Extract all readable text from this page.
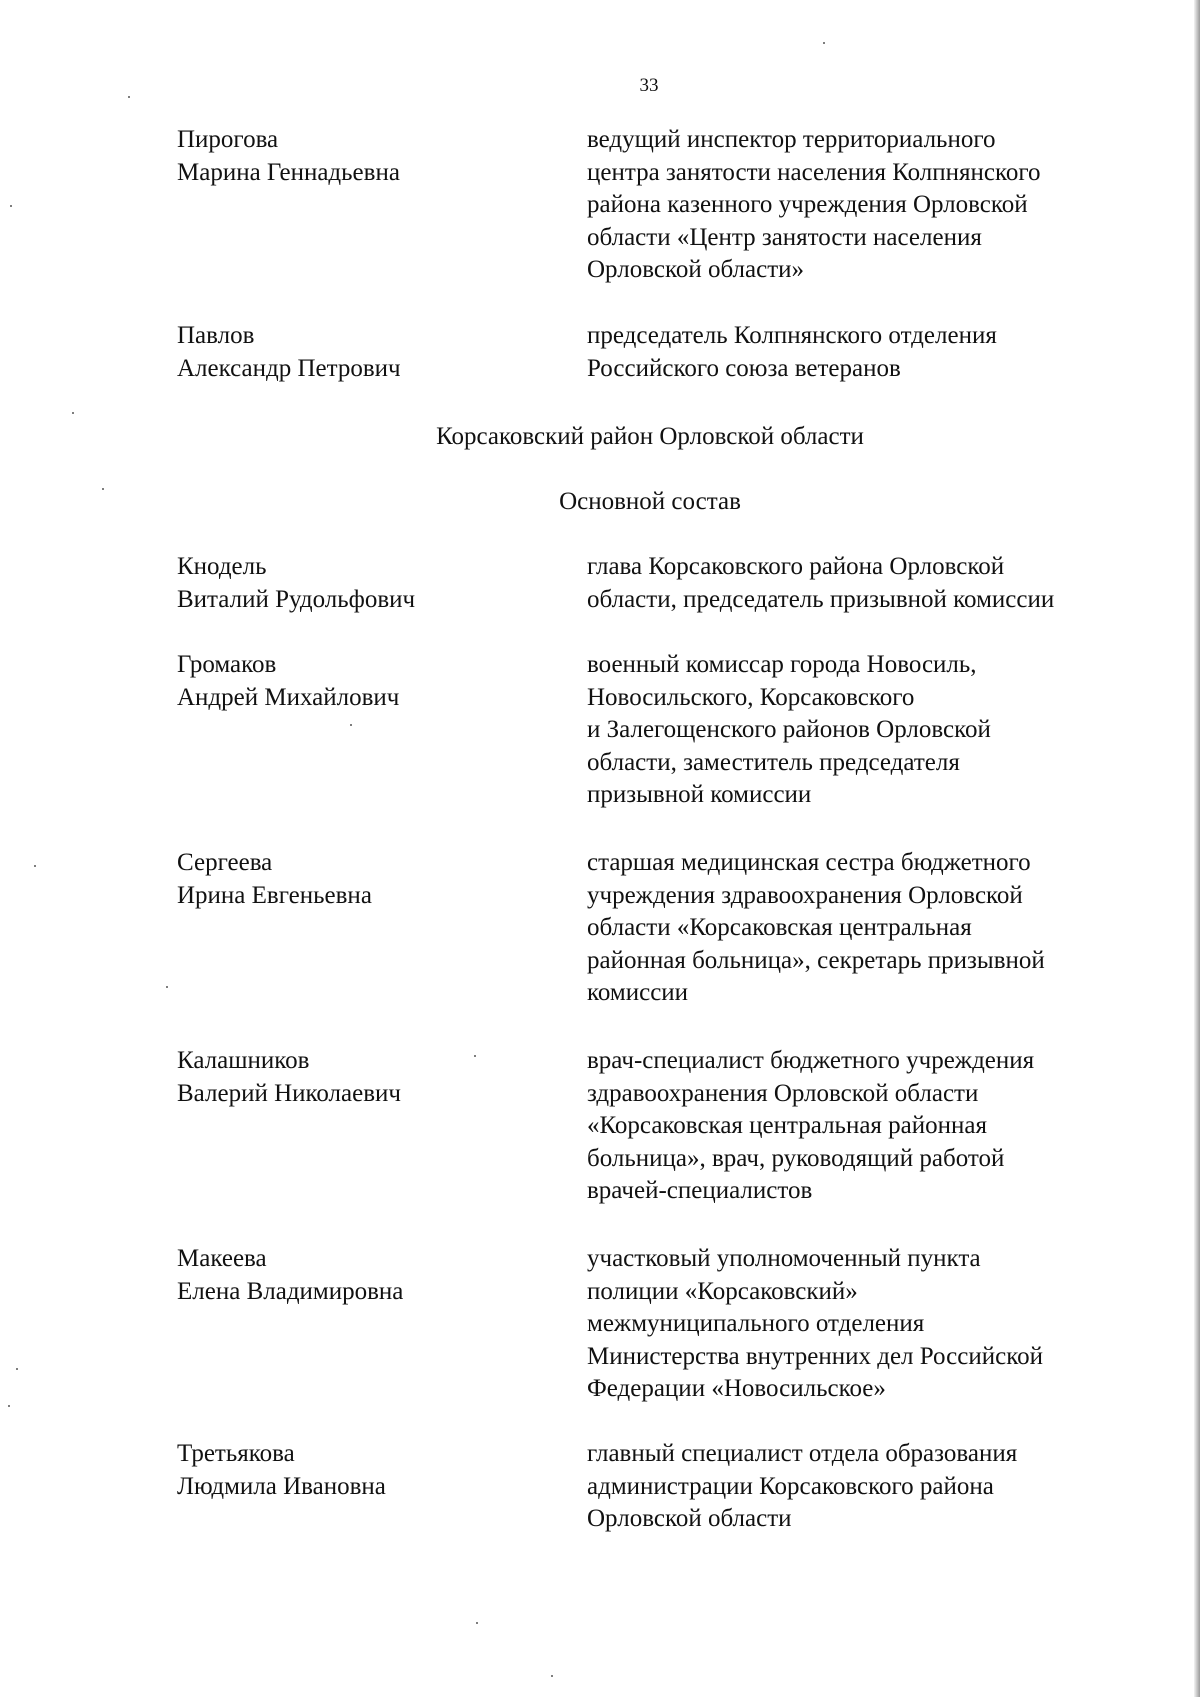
33
Пирогова
Марина Геннадьевна
ведущий инспектор территориального
центра занятости населения Колпнянского
района казенного учреждения Орловской
области «Центр занятости населения
Орловской области»
Павлов
Александр Петрович
председатель Колпнянского отделения
Российского союза ветеранов
Корсаковский район Орловской области
Основной состав
Кнодель
Виталий Рудольфович
глава Корсаковского района Орловской
области, председатель призывной комиссии
Громаков
Андрей Михайлович
военный комиссар города Новосиль,
Новосильского, Корсаковского
и Залегощенского районов Орловской
области, заместитель председателя
призывной комиссии
Сергеева
Ирина Евгеньевна
старшая медицинская сестра бюджетного
учреждения здравоохранения Орловской
области «Корсаковская центральная
районная больница», секретарь призывной
комиссии
Калашников
Валерий Николаевич
врач-специалист бюджетного учреждения
здравоохранения Орловской области
«Корсаковская центральная районная
больница», врач, руководящий работой
врачей-специалистов
Макеева
Елена Владимировна
участковый уполномоченный пункта
полиции «Корсаковский»
межмуниципального отделения
Министерства внутренних дел Российской
Федерации «Новосильское»
Третьякова
Людмила Ивановна
главный специалист отдела образования
администрации Корсаковского района
Орловской области
